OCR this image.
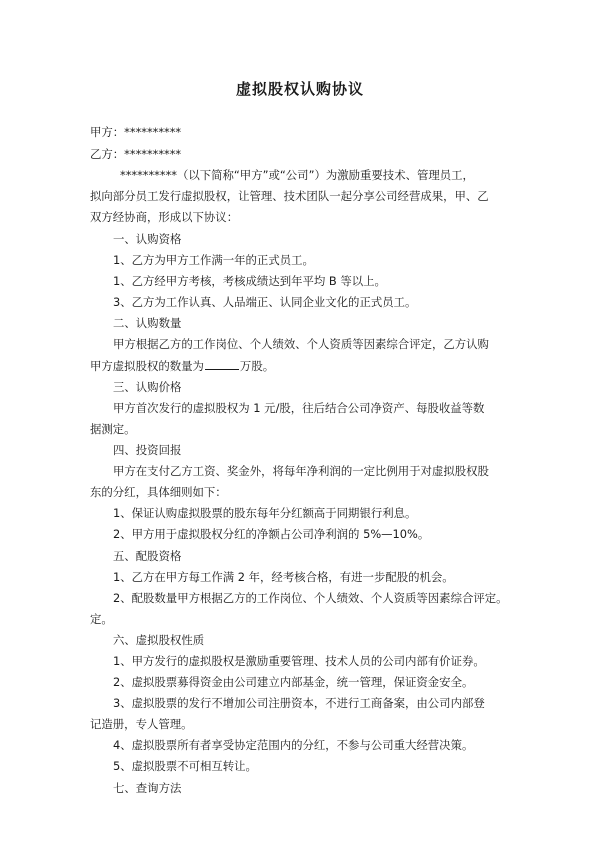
虚拟股权认购协议
甲方：**********
乙方：**********
**********（以下简称“甲方”或“公司”）为激励重要技术、管理员工，
拟向部分员工发行虚拟股权，让管理、技术团队一起分享公司经营成果，甲、乙
双方经协商，形成以下协议：
一、认购资格
1、乙方为甲方工作满一年的正式员工。
1、乙方经甲方考核，考核成绩达到年平均 B 等以上。
3、乙方为工作认真、人品端正、认同企业文化的正式员工。
二、认购数量
甲方根据乙方的工作岗位、个人绩效、个人资质等因素综合评定，乙方认购
甲方虚拟股权的数量为	万股。
三、认购价格
甲方首次发行的虚拟股权为 1 元/股，往后结合公司净资产、每股收益等数
据测定。
四、投资回报
甲方在支付乙方工资、奖金外，将每年净利润的一定比例用于对虚拟股权股
东的分红，具体细则如下：
1、保证认购虚拟股票的股东每年分红额高于同期银行利息。
2、甲方用于虚拟股权分红的净额占公司净利润的 5%—10%。
五、配股资格
1、乙方在甲方每工作满 2 年，经考核合格，有进一步配股的机会。
2、配股数量甲方根据乙方的工作岗位、个人绩效、个人资质等因素综合评定。
定。
六、虚拟股权性质
1、甲方发行的虚拟股权是激励重要管理、技术人员的公司内部有价证券。
2、虚拟股票募得资金由公司建立内部基金，统一管理，保证资金安全。
3、虚拟股票的发行不增加公司注册资本，不进行工商备案，由公司内部登
记造册，专人管理。
4、虚拟股票所有者享受协定范围内的分红，不参与公司重大经营决策。
5、虚拟股票不可相互转让。
七、查询方法
